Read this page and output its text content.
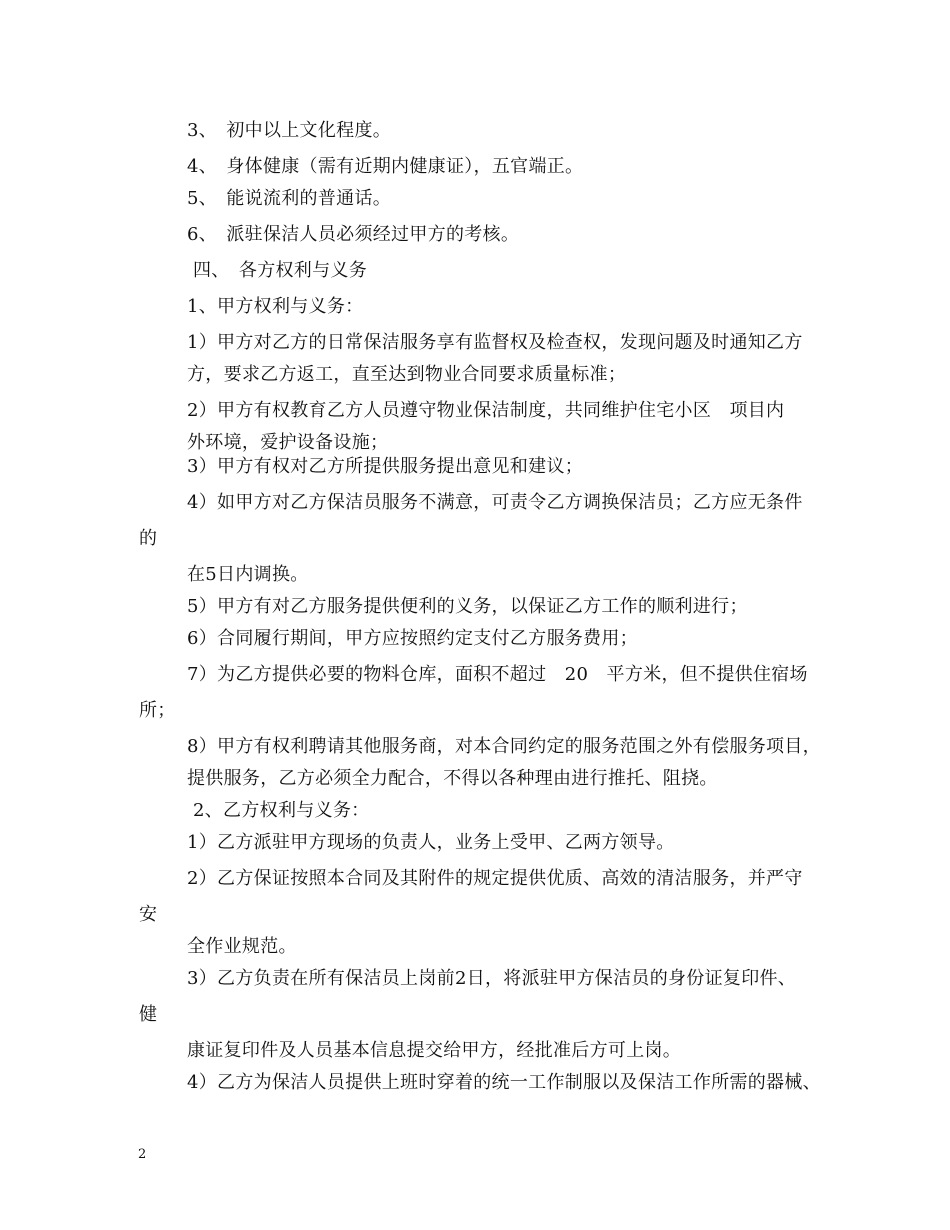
3、　初中以上文化程度。
4、　身体健康（需有近期内健康证），五官端正。
5、　能说流利的普通话。
6、　派驻保洁人员必须经过甲方的考核。
四、　各方权利与义务
1、甲方权利与义务：
1）甲方对乙方的日常保洁服务享有监督权及检查权，发现问题及时通知乙方
方，要求乙方返工，直至达到物业合同要求质量标准；
2）甲方有权教育乙方人员遵守物业保洁制度，共同维护住宅小区　项目内
外环境，爱护设备设施；
3）甲方有权对乙方所提供服务提出意见和建议；
4）如甲方对乙方保洁员服务不满意，可责令乙方调换保洁员；乙方应无条件
的
在5日内调换。
5）甲方有对乙方服务提供便利的义务，以保证乙方工作的顺利进行；
6）合同履行期间，甲方应按照约定支付乙方服务费用；
7）为乙方提供必要的物料仓库，面积不超过　20　平方米，但不提供住宿场
所；
8）甲方有权利聘请其他服务商，对本合同约定的服务范围之外有偿服务项目，
提供服务，乙方必须全力配合，不得以各种理由进行推托、阻挠。
2、乙方权利与义务：
1）乙方派驻甲方现场的负责人，业务上受甲、乙两方领导。
2）乙方保证按照本合同及其附件的规定提供优质、高效的清洁服务，并严守
安
全作业规范。
3）乙方负责在所有保洁员上岗前2日，将派驻甲方保洁员的身份证复印件、
健
康证复印件及人员基本信息提交给甲方，经批准后方可上岗。
4）乙方为保洁人员提供上班时穿着的统一工作制服以及保洁工作所需的器械、
2
